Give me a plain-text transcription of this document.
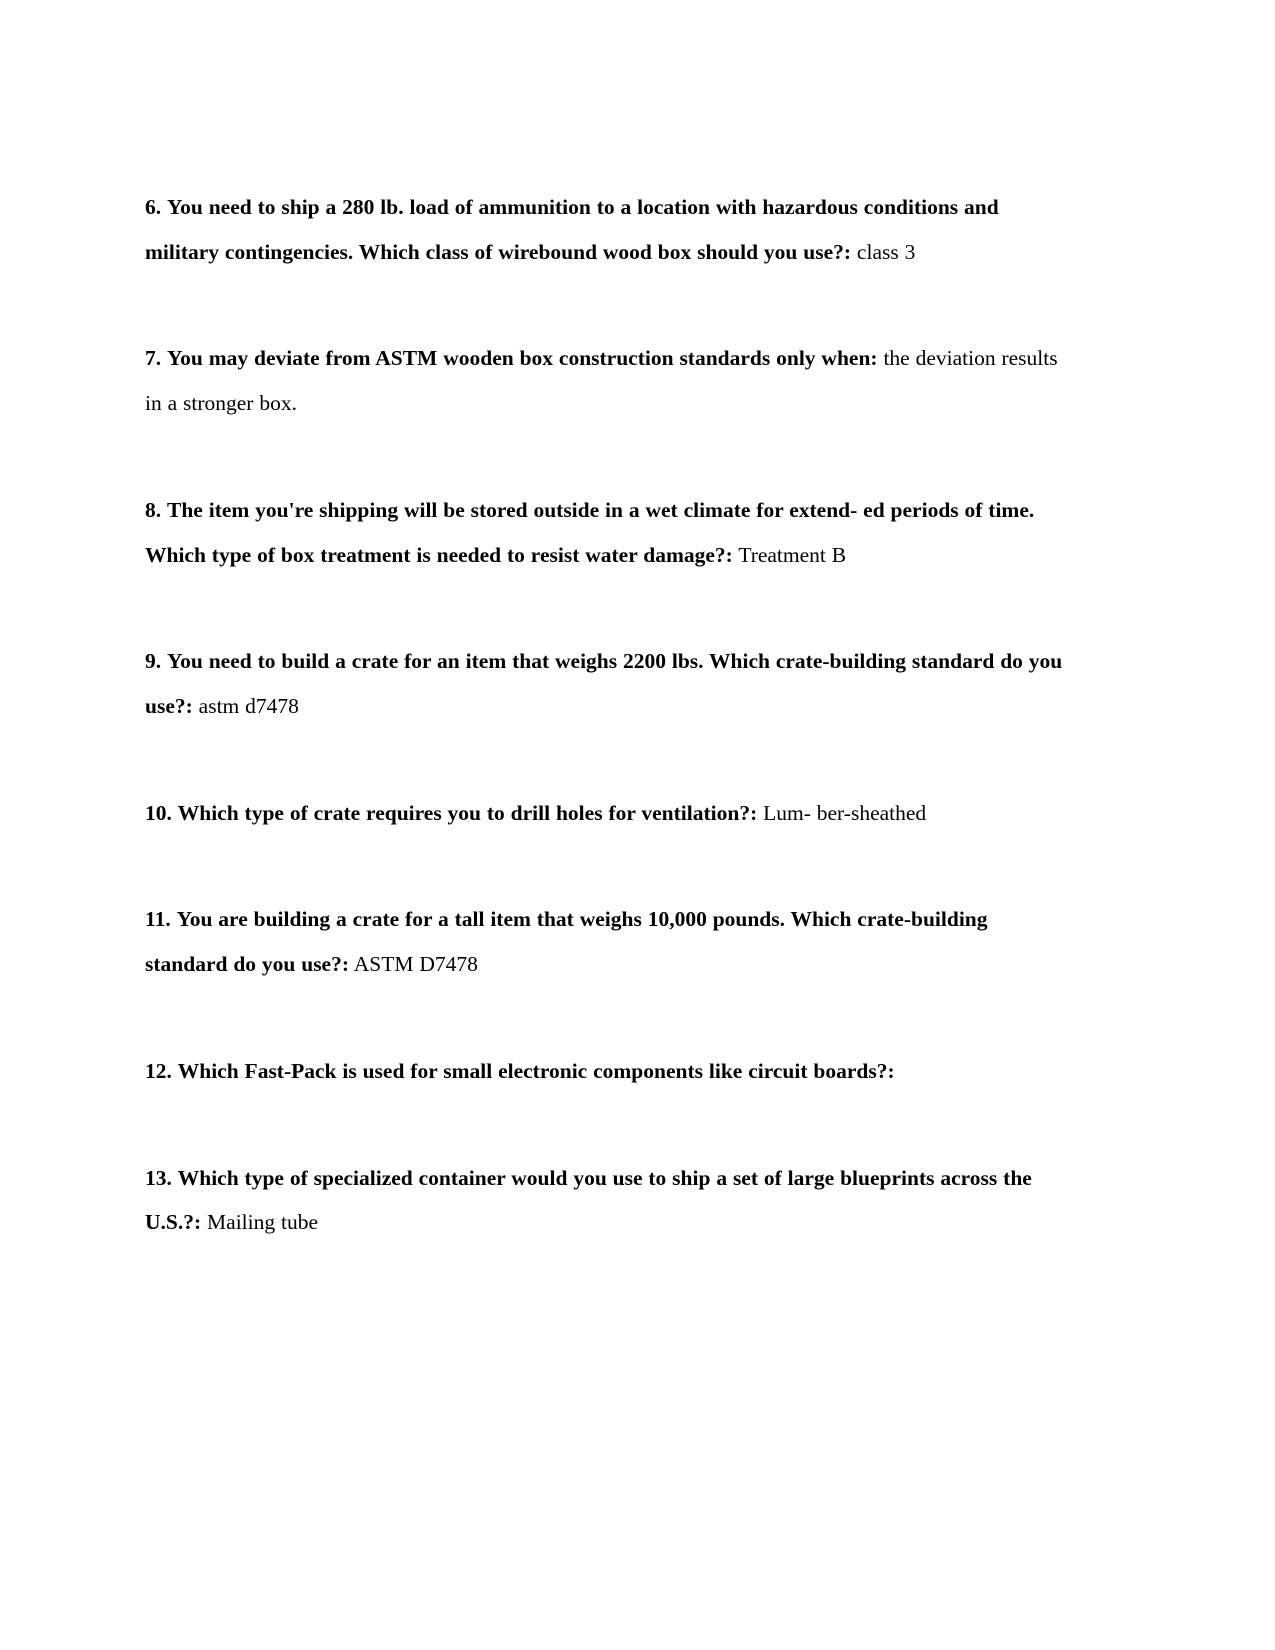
6. You need to ship a 280 lb. load of ammunition to a location with hazardous conditions and military contingencies. Which class of wirebound wood box should you use?: class 3

7. You may deviate from ASTM wooden box construction standards only when: the deviation results in a stronger box.

8. The item you're shipping will be stored outside in a wet climate for extend- ed periods of time. Which type of box treatment is needed to resist water damage?: Treatment B

9. You need to build a crate for an item that weighs 2200 lbs. Which crate-building standard do you use?: astm d7478

10. Which type of crate requires you to drill holes for ventilation?: Lum- ber-sheathed

11. You are building a crate for a tall item that weighs 10,000 pounds. Which crate-building standard do you use?: ASTM D7478

12. Which Fast-Pack is used for small electronic components like circuit boards?:

13. Which type of specialized container would you use to ship a set of large blueprints across the U.S.?: Mailing tube
